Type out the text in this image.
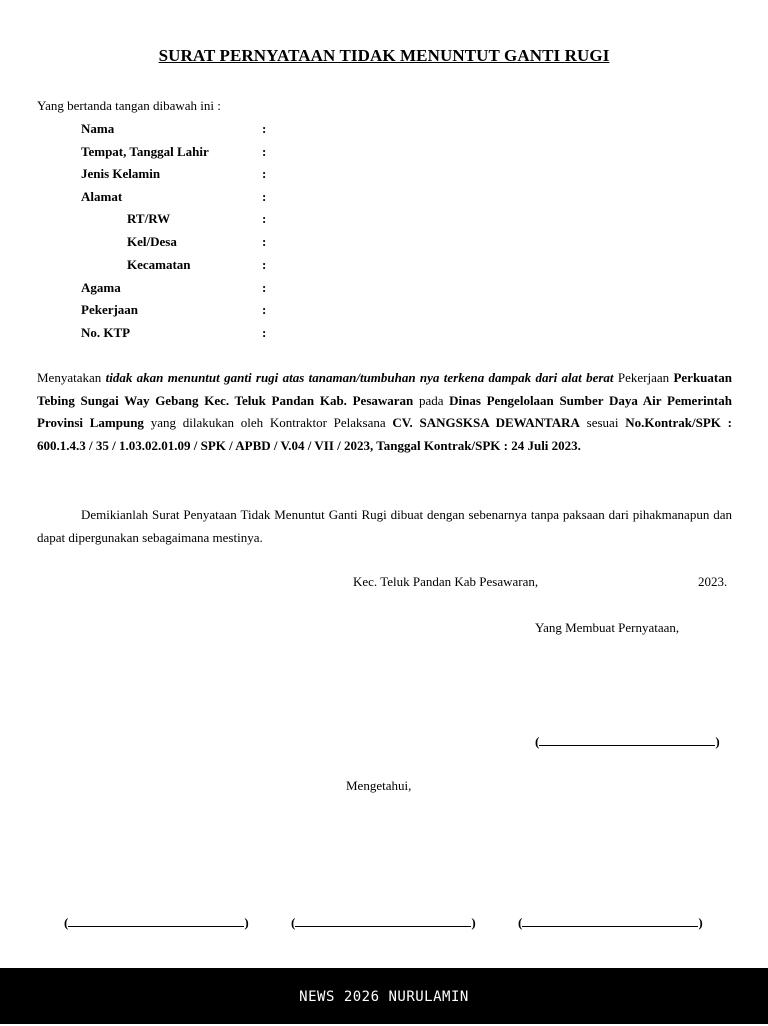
SURAT PERNYATAAN TIDAK MENUNTUT GANTI RUGI
Yang bertanda tangan dibawah ini :
Nama	:
Tempat, Tanggal Lahir	:
Jenis Kelamin	:
Alamat	:
RT/RW	:
Kel/Desa	:
Kecamatan	:
Agama	:
Pekerjaan	:
No. KTP	:

Menyatakan tidak akan menuntut ganti rugi atas tanaman/tumbuhan nya terkena dampak dari alat berat Pekerjaan Perkuatan Tebing Sungai Way Gebang Kec. Teluk Pandan Kab. Pesawaran pada Dinas Pengelolaan Sumber Daya Air Pemerintah Provinsi Lampung yang dilakukan oleh Kontraktor Pelaksana CV. SANGSKSA DEWANTARA sesuai No.Kontrak/SPK : 600.1.4.3 / 35 / 1.03.02.01.09 / SPK / APBD / V.04 / VII / 2023, Tanggal Kontrak/SPK : 24 Juli 2023.

Demikianlah Surat Penyataan Tidak Menuntut Ganti Rugi dibuat dengan sebenarnya tanpa paksaan dari pihakmanapun dan dapat dipergunakan sebagaimana mestinya.

Kec. Teluk Pandan Kab Pesawaran,	2023.
Yang Membuat Pernyataan,
(	)
Mengetahui,
(	)	(	)	(	)
NEWS 2026 NURULAMIN
